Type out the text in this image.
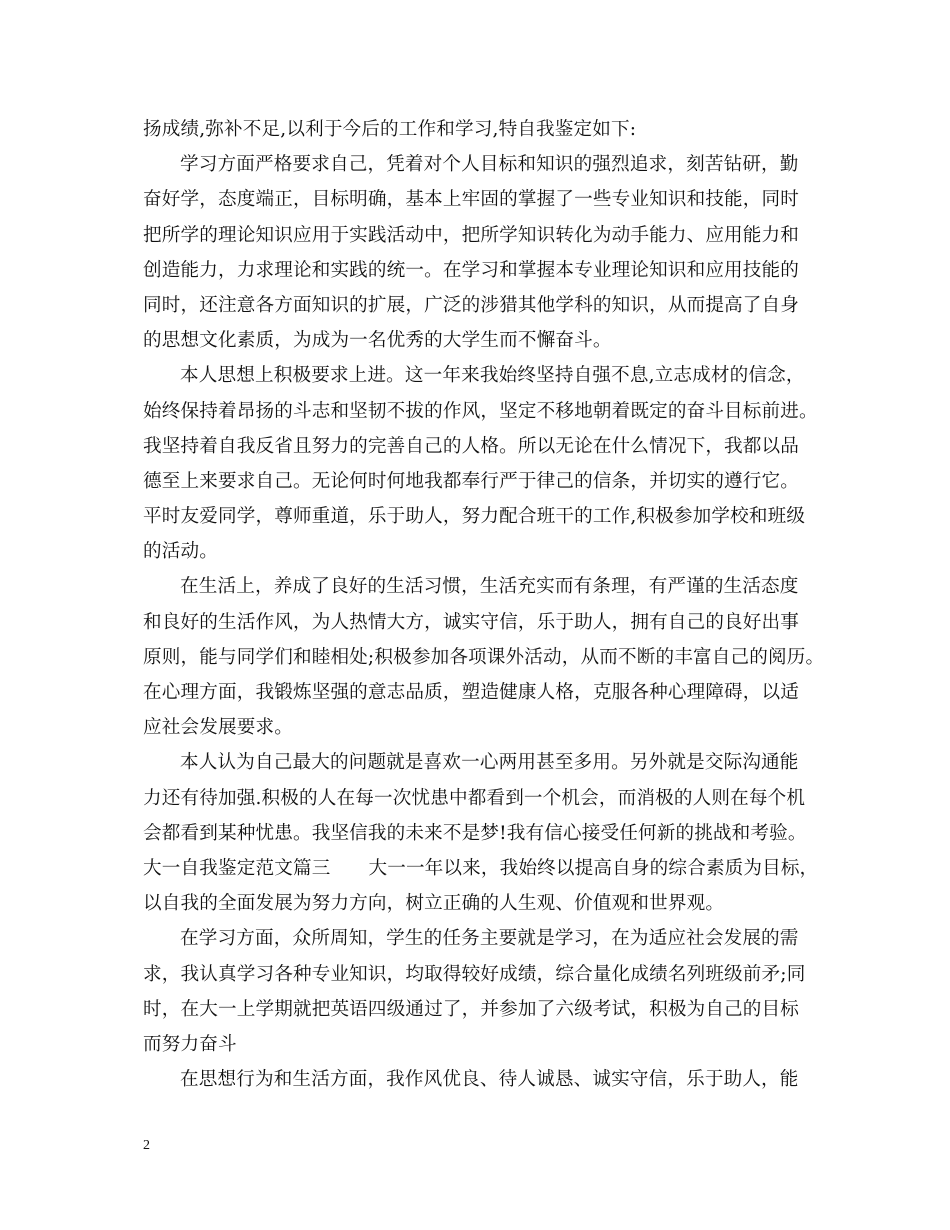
扬成绩,弥补不足,以利于今后的工作和学习,特自我鉴定如下:
学习方面严格要求自己，凭着对个人目标和知识的强烈追求，刻苦钻研，勤
奋好学，态度端正，目标明确，基本上牢固的掌握了一些专业知识和技能，同时
把所学的理论知识应用于实践活动中，把所学知识转化为动手能力、应用能力和
创造能力，力求理论和实践的统一。在学习和掌握本专业理论知识和应用技能的
同时，还注意各方面知识的扩展，广泛的涉猎其他学科的知识，从而提高了自身
的思想文化素质，为成为一名优秀的大学生而不懈奋斗。
本人思想上积极要求上进。这一年来我始终坚持自强不息,立志成材的信念，
始终保持着昂扬的斗志和坚韧不拔的作风，坚定不移地朝着既定的奋斗目标前进。
我坚持着自我反省且努力的完善自己的人格。所以无论在什么情况下，我都以品
德至上来要求自己。无论何时何地我都奉行严于律己的信条，并切实的遵行它。
平时友爱同学，尊师重道，乐于助人，努力配合班干的工作,积极参加学校和班级
的活动。
在生活上，养成了良好的生活习惯，生活充实而有条理，有严谨的生活态度
和良好的生活作风，为人热情大方，诚实守信，乐于助人，拥有自己的良好出事
原则，能与同学们和睦相处;积极参加各项课外活动，从而不断的丰富自己的阅历。
在心理方面，我锻炼坚强的意志品质，塑造健康人格，克服各种心理障碍，以适
应社会发展要求。
本人认为自己最大的问题就是喜欢一心两用甚至多用。另外就是交际沟通能
力还有待加强.积极的人在每一次忧患中都看到一个机会，而消极的人则在每个机
会都看到某种忧患。我坚信我的未来不是梦!我有信心接受任何新的挑战和考验。
大一自我鉴定范文篇三 大一一年以来，我始终以提高自身的综合素质为目标，
以自我的全面发展为努力方向，树立正确的人生观、价值观和世界观。
在学习方面，众所周知，学生的任务主要就是学习，在为适应社会发展的需
求，我认真学习各种专业知识，均取得较好成绩，综合量化成绩名列班级前矛;同
时，在大一上学期就把英语四级通过了，并参加了六级考试，积极为自己的目标
而努力奋斗
在思想行为和生活方面，我作风优良、待人诚恳、诚实守信，乐于助人，能
2
